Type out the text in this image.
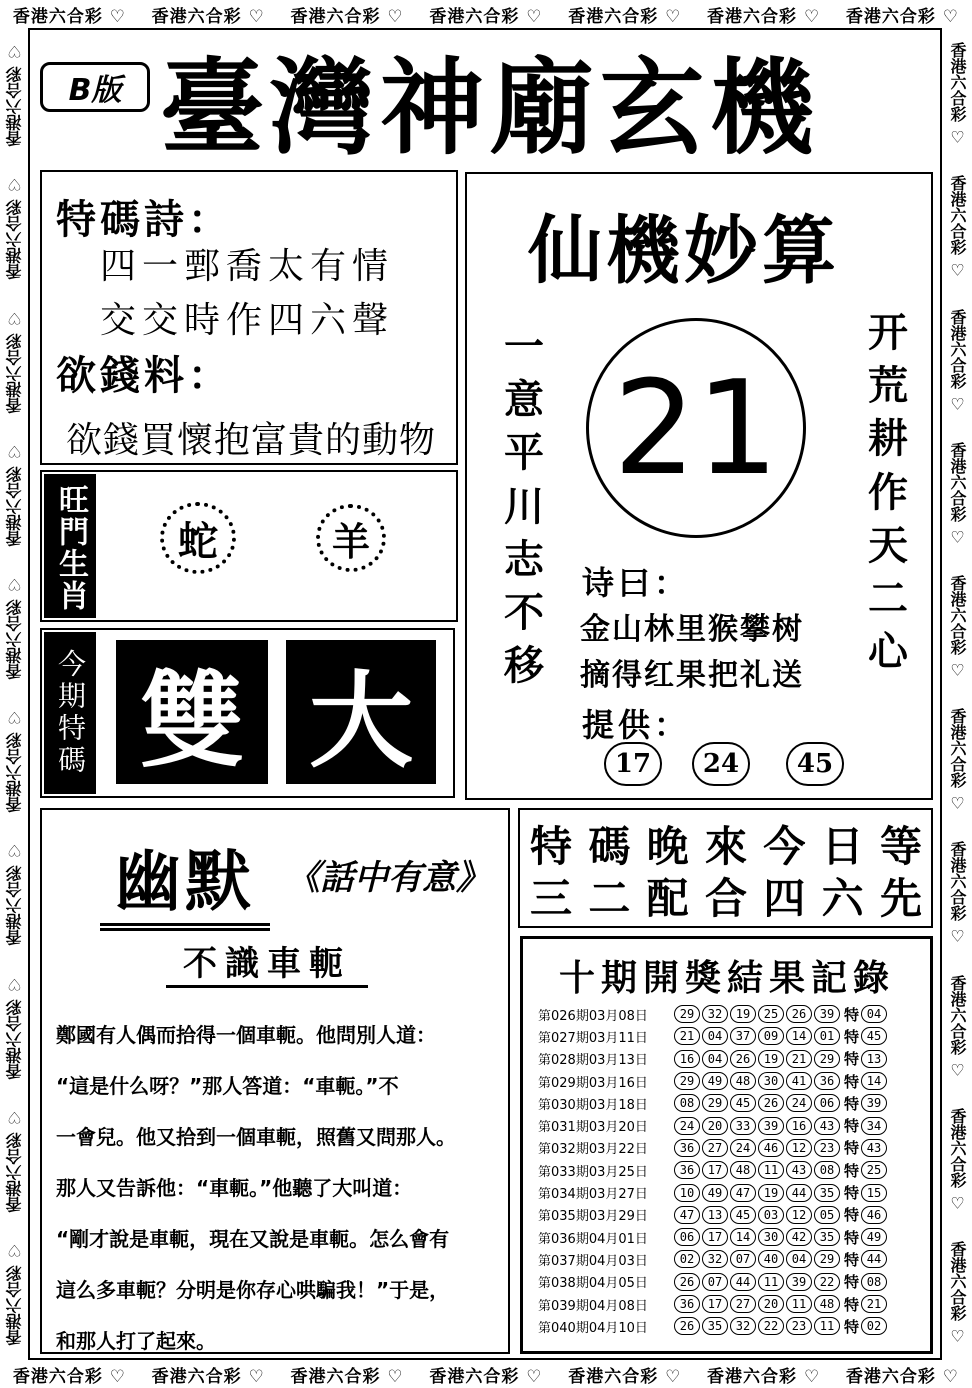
香港六合彩 ♡ 香港六合彩 ♡ 香港六合彩 ♡ 香港六合彩 ♡ 香港六合彩 ♡ 香港六合彩 ♡ 香港六合彩 ♡
香港六合彩 ♡ 香港六合彩 ♡ 香港六合彩 ♡ 香港六合彩 ♡ 香港六合彩 ♡ 香港六合彩 ♡ 香港六合彩 ♡
香港六合彩 ♡
香港六合彩 ♡
香港六合彩 ♡
香港六合彩 ♡
香港六合彩 ♡
香港六合彩 ♡
香港六合彩 ♡
香港六合彩 ♡
香港六合彩 ♡
香港六合彩 ♡
香港六合彩 ♡
香港六合彩 ♡
香港六合彩 ♡
香港六合彩 ♡
香港六合彩 ♡
香港六合彩 ♡
香港六合彩 ♡
香港六合彩 ♡
香港六合彩 ♡
香港六合彩 ♡
B版 臺灣神廟玄機
特碼詩：
四一鄄喬太有情
交交時作四六聲
欲錢料：
欲錢買懷抱富貴的動物
旺門生肖 蛇	羊
今期特碼 雙 大
仙機妙算
一
意
平
川
志
不
移
开
荒
耕
作
天
二
心
21
诗曰：
金山林里猴攀树
摘得红果把礼送
提供：
17	24	45
幽默 《話中有意》
不識車軛
鄭國有人偶而拾得一個車軛。他問別人道：
“這是什么呀？”那人答道：“車軛。”不
一會兒。他又拾到一個車軛，照舊又問那人。
那人又告訴他：“車軛。”他聽了大叫道：
“剛才說是車軛，現在又說是車軛。怎么會有
這么多車軛？分明是你存心哄騙我！”于是，
和那人打了起來。
特 碼 晚 來 今 日 等
三 二 配 合 四 六 先
十期開獎結果記錄
第026期03月08日	29	32	19	25	26	39 特 04
第027期03月11日	21	04	37	09	14	01 特 45
第028期03月13日	16	04	26	19	21	29 特 13
第029期03月16日	29	49	48	30	41	36 特 14
第030期03月18日	08	29	45	26	24	06 特 39
第031期03月20日	24	20	33	39	16	43 特 34
第032期03月22日	36	27	24	46	12	23 特 43
第033期03月25日	36	17	48	11	43	08 特 25
第034期03月27日	10	49	47	19	44	35 特 15
第035期03月29日	47	13	45	03	12	05 特 46
第036期04月01日	06	17	14	30	42	35 特 49
第037期04月03日	02	32	07	40	04	29 特 44
第038期04月05日	26	07	44	11	39	22 特 08
第039期04月08日	36	17	27	20	11	48 特 21
第040期04月10日	26	35	32	22	23	11 特 02
